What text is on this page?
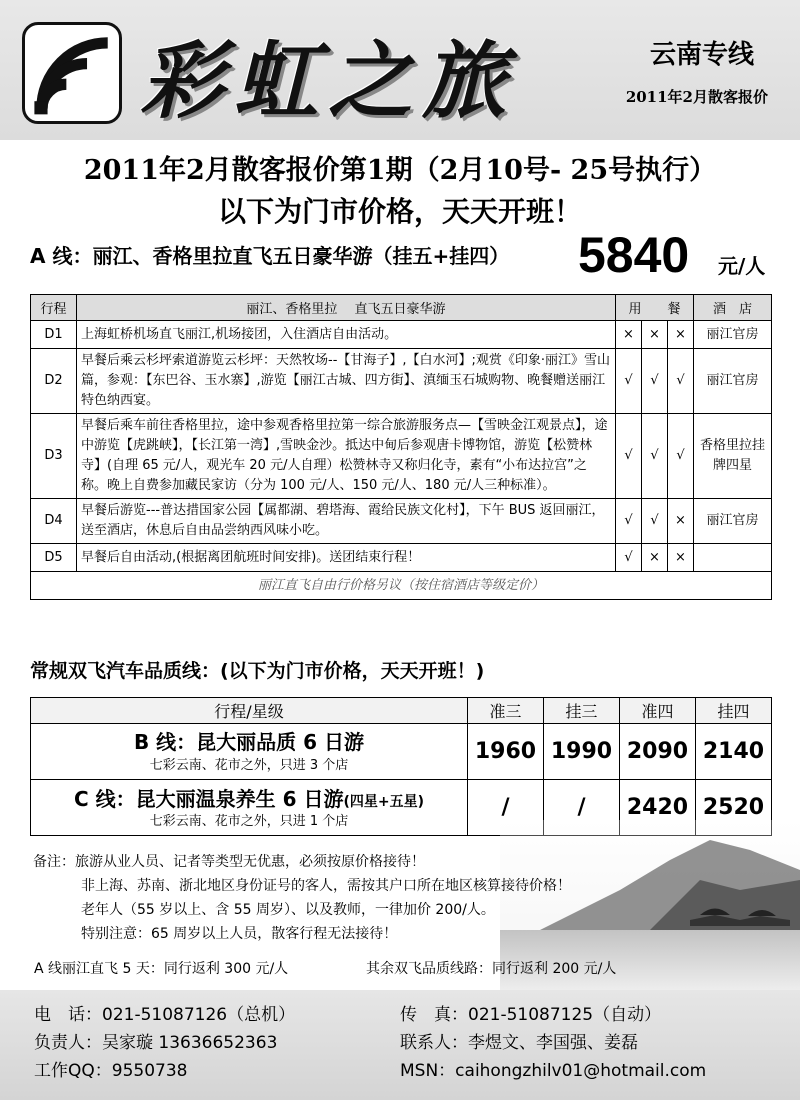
彩虹之旅	云南专线
2011年2月散客报价
2011年2月散客报价第1期（2月10号- 25号执行）
以下为门市价格，天天开班！
A 线：丽江、香格里拉直飞五日豪华游（挂五+挂四） 5840 元/人
行程	丽江、香格里拉　 直飞五日豪华游	用　　餐			酒　店
D1	上海虹桥机场直飞丽江,机场接团，入住酒店自由活动。	×	×	×	丽江官房
D2	早餐后乘云杉坪索道游览云杉坪：天然牧场--【甘海子】,【白水河】;观赏《印象·丽江》雪山篇，参观：【东巴谷、玉水寨】,游览【丽江古城、四方街】、滇缅玉石城购物、晚餐赠送丽江特色纳西宴。	√	√	√	丽江官房
D3	早餐后乘车前往香格里拉，途中参观香格里拉第一综合旅游服务点—【雪映金江观景点】，途中游览【虎跳峡】，【长江第一湾】,雪映金沙。抵达中甸后参观唐卡博物馆，游览【松赞林寺】(自理 65 元/人，观光车 20 元/人自理）松赞林寺又称归化寺，素有“小布达拉宫”之称。晚上自费参加藏民家访（分为 100 元/人、150 元/人、180 元/人三种标准）。	√	√	√	香格里拉挂牌四星
D4	早餐后游览---普达措国家公园【属都湖、碧塔海、霞给民族文化村】，下午 BUS 返回丽江，送至酒店，休息后自由品尝纳西风味小吃。	√	√	×	丽江官房
D5	早餐后自由活动,(根据离团航班时间安排)。送团结束行程！	√	×	×	
丽江直飞自由行价格另议（按住宿酒店等级定价）					
常规双飞汽车品质线：(以下为门市价格，天天开班！)
行程/星级	准三	挂三	准四	挂四

B 线：昆大丽品质 6 日游
七彩云南、花市之外，只进 3 个店	1960	1990	2090	2140

C 线：昆大丽温泉养生 6 日游(四星+五星)
七彩云南、花市之外，只进 1 个店	/	/	2420	2520
备注：旅游从业人员、记者等类型无优惠，必须按原价格接待！
非上海、苏南、浙北地区身份证号的客人，需按其户口所在地区核算接待价格！
老年人（55 岁以上、含 55 周岁）、以及教师，一律加价 200/人。
特别注意：65 周岁以上人员，散客行程无法接待！
A 线丽江直飞 5 天：同行返利 300 元/人	其余双飞品质线路：同行返利 200 元/人
电　话：021-51087126（总机）	传　真：021-51087125（自动）
负责人：吴家璇 13636652363	联系人：李煜文、李国强、姜磊
工作QQ：9550738	MSN：caihongzhilv01@hotmail.com
